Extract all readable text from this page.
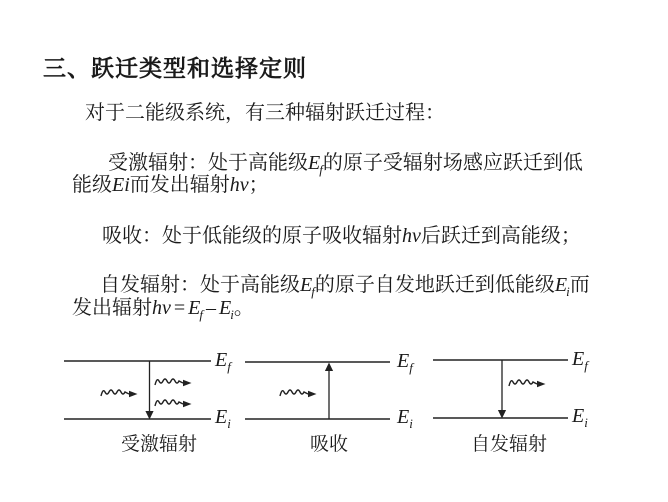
三、跃迁类型和选择定则
对于二能级系统，有三种辐射跃迁过程：
受激辐射：处于高能级$E_f$的原子受辐射场感应跃迁到低
能级Ei而发出辐射hν；
吸收：处于低能级的原子吸收辐射hν后跃迁到高能级；
自发辐射：处于高能级$E_f$的原子自发地跃迁到低能级$E_i$而
发出辐射$h\nu = E_f - E_i$。
$E_f$
$E_i$
受激辐射
$E_f$
$E_i$
吸收
$E_f$
$E_i$
自发辐射
